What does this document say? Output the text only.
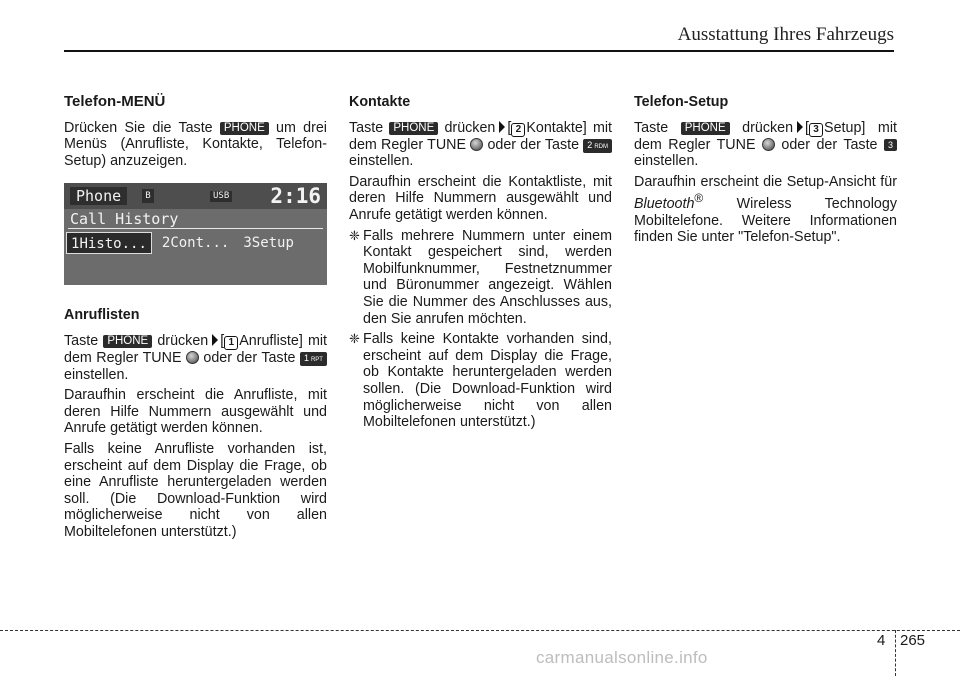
Ausstattung Ihres Fahrzeugs
Telefon-MENÜ

Drücken Sie die Taste PHONE um drei Menüs (Anrufliste, Kontakte, Telefon-Setup) anzuzeigen.

Phone	B	USB 2:16
Call History
1Histo...	2Cont... 3Setup
Anruflisten

Taste PHONE drücken [ 1 Anrufliste] mit dem Regler TUNE oder der Taste 1 RPT einstellen.

Daraufhin erscheint die Anrufliste, mit deren Hilfe Nummern ausgewählt und Anrufe getätigt werden können.

Falls keine Anrufliste vorhanden ist, erscheint auf dem Display die Frage, ob eine Anrufliste heruntergeladen werden soll. (Die Download-Funktion wird möglicherweise nicht von allen Mobiltelefonen unterstützt.)

Kontakte

Taste PHONE drücken [ 2 Kontakte] mit dem Regler TUNE oder der Taste 2 RDM einstellen.

Daraufhin erscheint die Kontaktliste, mit deren Hilfe Nummern ausgewählt und Anrufe getätigt werden können.

❈ Falls mehrere Nummern unter einem Kontakt gespeichert sind, werden Mobilfunknummer, Festnetznummer und Büronummer angezeigt. Wählen Sie die Nummer des Anschlusses aus, den Sie anrufen möchten.
❈ Falls keine Kontakte vorhanden sind, erscheint auf dem Display die Frage, ob Kontakte heruntergeladen werden sollen. (Die Download-Funktion wird möglicherweise nicht von allen Mobiltelefonen unterstützt.)
Telefon-Setup

Taste PHONE drücken [ 3 Setup] mit dem Regler TUNE oder der Taste 3 einstellen.

Daraufhin erscheint die Setup-Ansicht für Bluetooth® Wireless Technology Mobiltelefone. Weitere Informationen finden Sie unter "Telefon-Setup".

4 265
carmanualsonline.info
